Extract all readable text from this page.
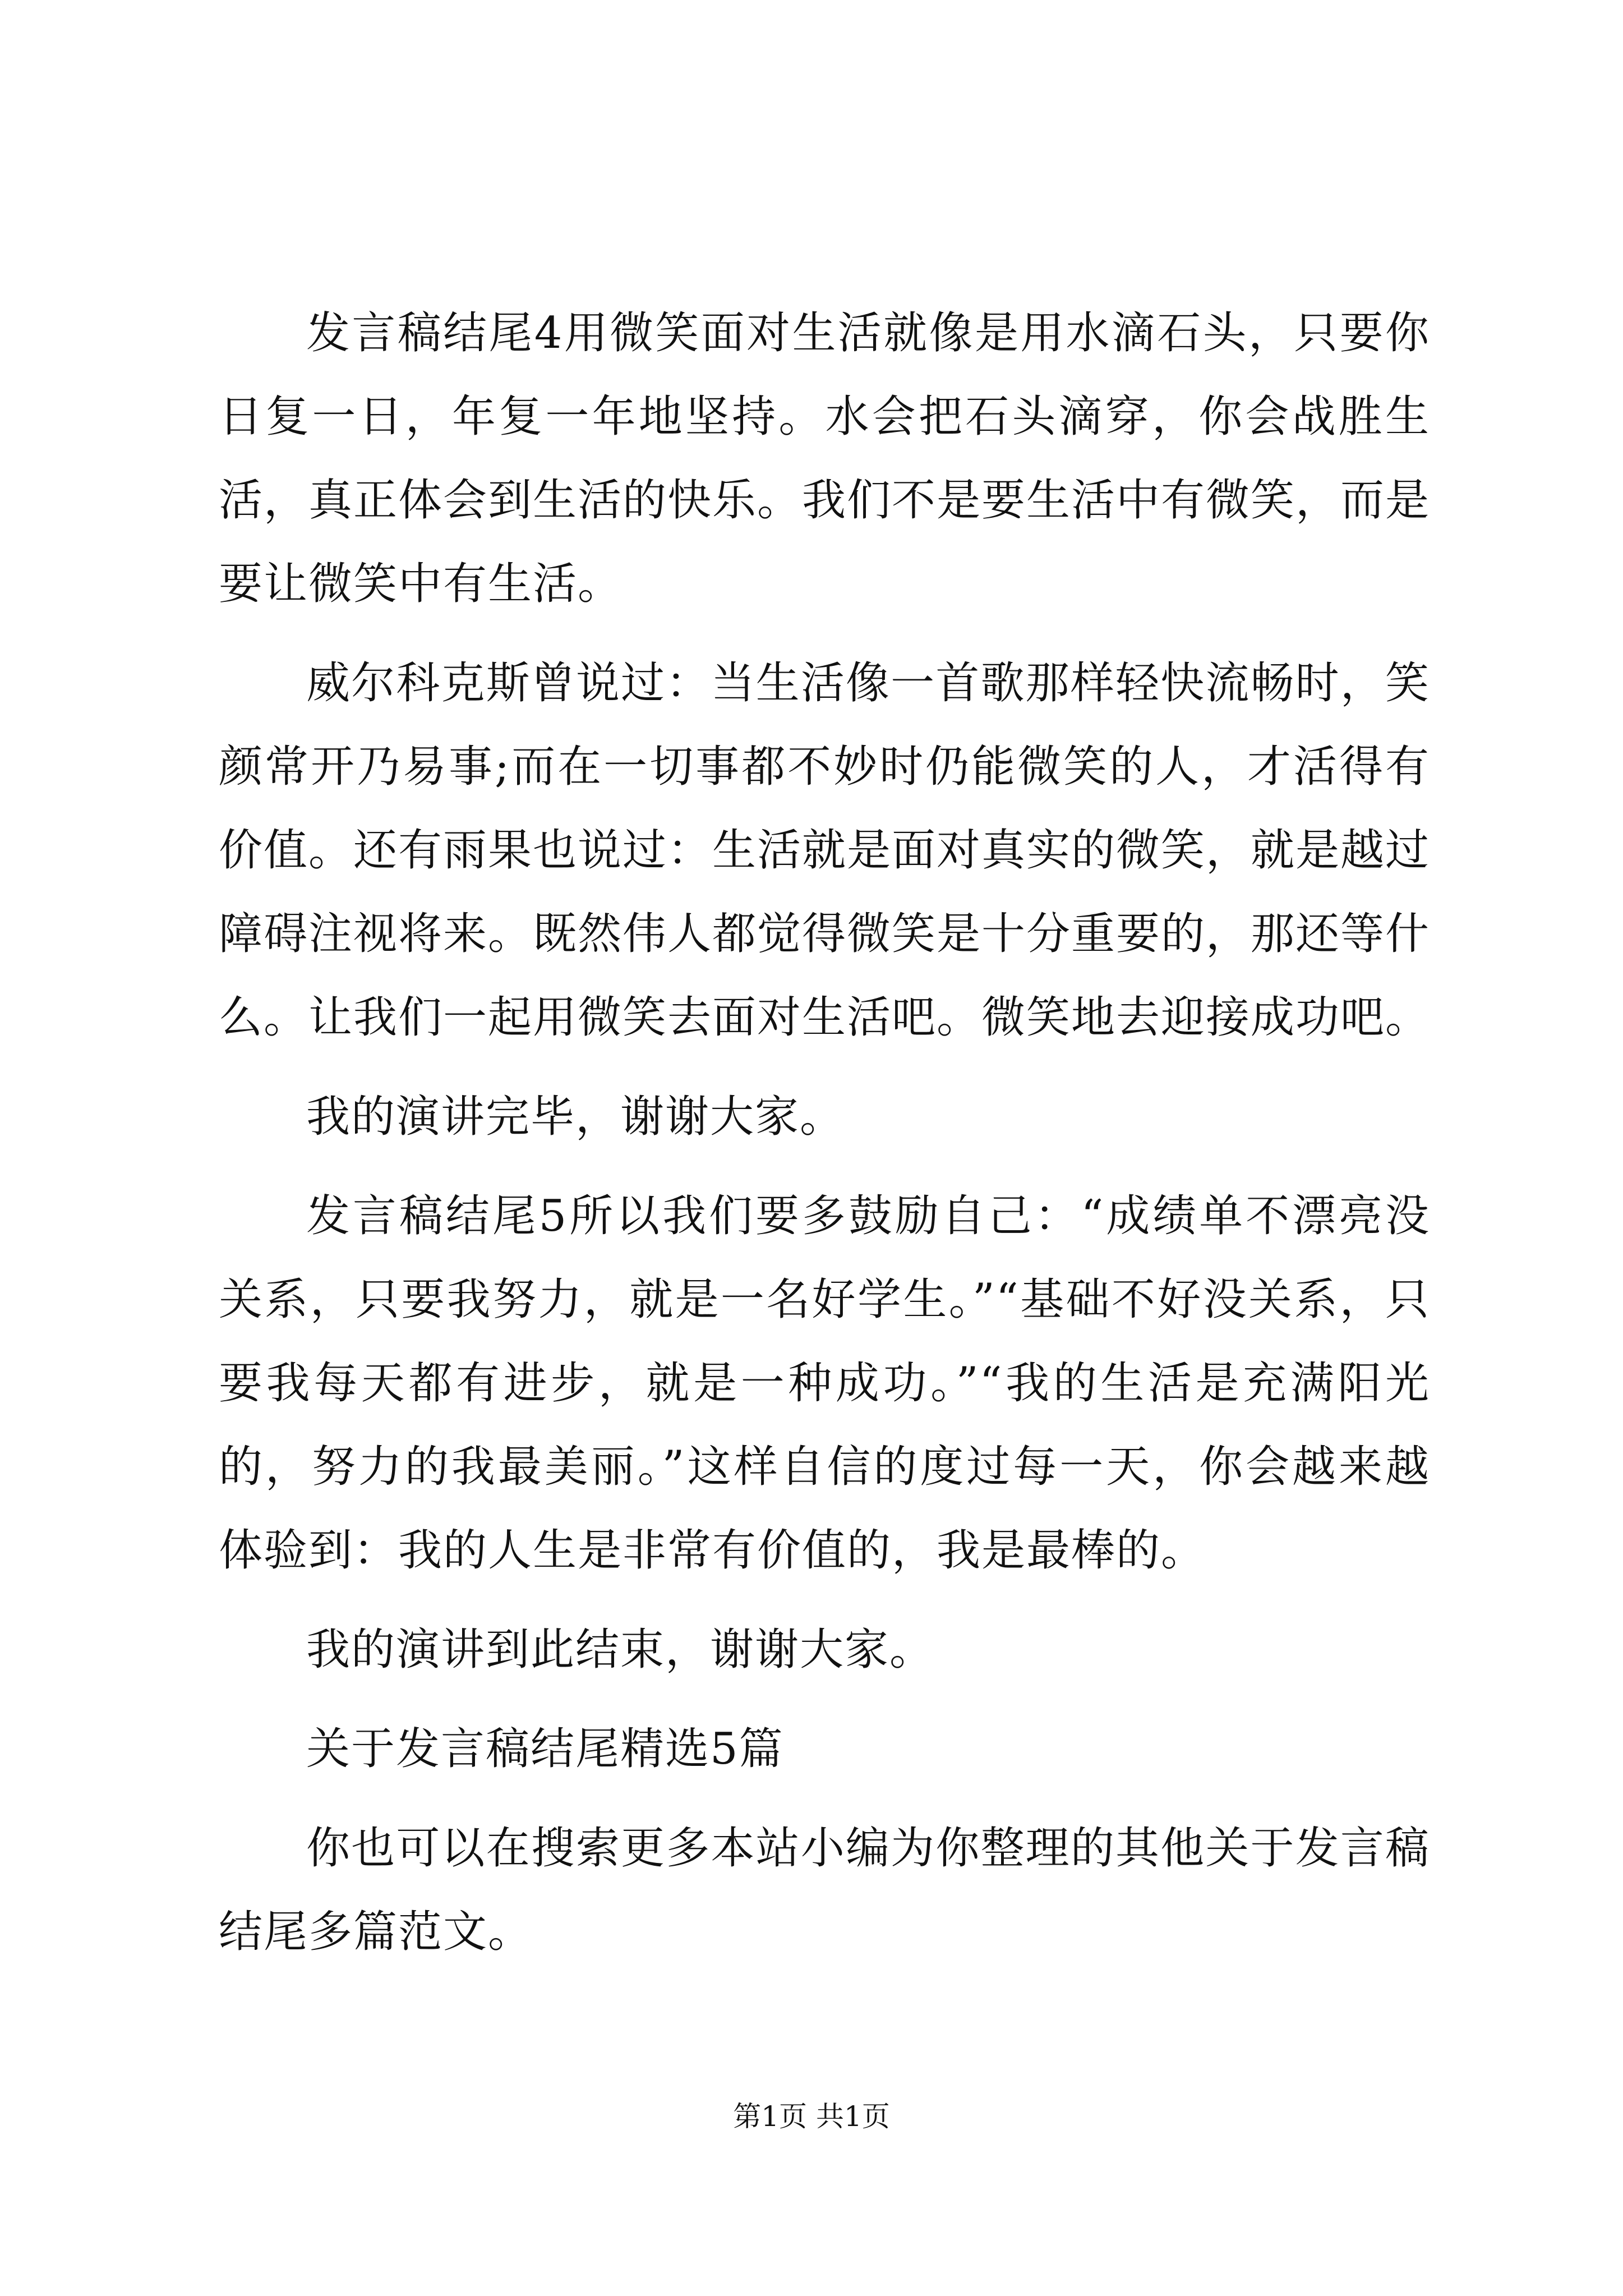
发言稿结尾4用微笑面对生活就像是用水滴石头，只要你日复一日，年复一年地坚持。水会把石头滴穿，你会战胜生活，真正体会到生活的快乐。我们不是要生活中有微笑，而是要让微笑中有生活。

威尔科克斯曾说过：当生活像一首歌那样轻快流畅时，笑颜常开乃易事;而在一切事都不妙时仍能微笑的人，才活得有价值。还有雨果也说过：生活就是面对真实的微笑，就是越过障碍注视将来。既然伟人都觉得微笑是十分重要的，那还等什么。让我们一起用微笑去面对生活吧。微笑地去迎接成功吧。

我的演讲完毕，谢谢大家。

发言稿结尾5所以我们要多鼓励自己：“成绩单不漂亮没关系，只要我努力，就是一名好学生。”“基础不好没关系，只要我每天都有进步，就是一种成功。”“我的生活是充满阳光的，努力的我最美丽。”这样自信的度过每一天，你会越来越体验到：我的人生是非常有价值的，我是最棒的。

我的演讲到此结束，谢谢大家。

关于发言稿结尾精选5篇

你也可以在搜索更多本站小编为你整理的其他关于发言稿结尾多篇范文。

第1页 共1页
